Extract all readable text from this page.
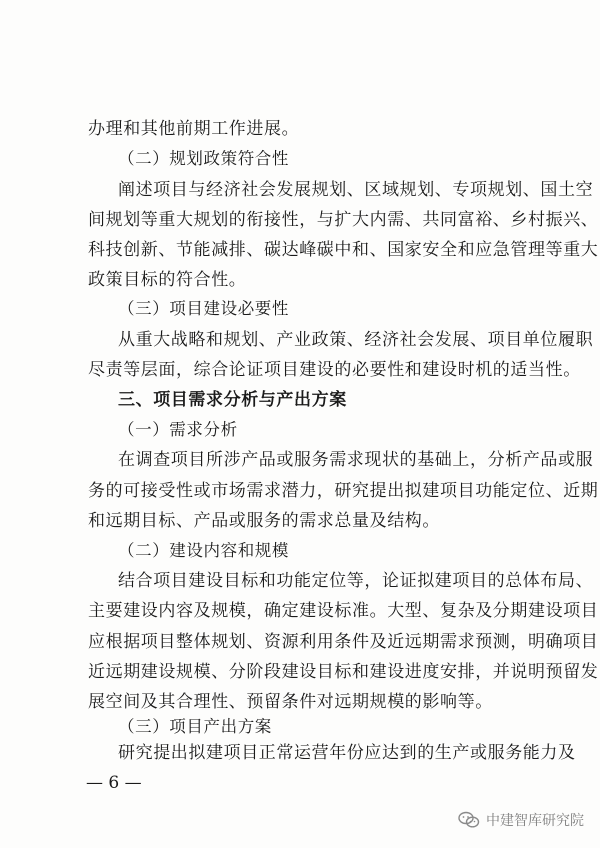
办理和其他前期工作进展。
（二）规划政策符合性
阐述项目与经济社会发展规划、区域规划、专项规划、国土空
间规划等重大规划的衔接性，与扩大内需、共同富裕、乡村振兴、
科技创新、节能减排、碳达峰碳中和、国家安全和应急管理等重大
政策目标的符合性。
（三）项目建设必要性
从重大战略和规划、产业政策、经济社会发展、项目单位履职
尽责等层面，综合论证项目建设的必要性和建设时机的适当性。
三、项目需求分析与产出方案
（一）需求分析
在调查项目所涉产品或服务需求现状的基础上，分析产品或服
务的可接受性或市场需求潜力，研究提出拟建项目功能定位、近期
和远期目标、产品或服务的需求总量及结构。
（二）建设内容和规模
结合项目建设目标和功能定位等，论证拟建项目的总体布局、
主要建设内容及规模，确定建设标准。大型、复杂及分期建设项目
应根据项目整体规划、资源利用条件及近远期需求预测，明确项目
近远期建设规模、分阶段建设目标和建设进度安排，并说明预留发
展空间及其合理性、预留条件对远期规模的影响等。
（三）项目产出方案
研究提出拟建项目正常运营年份应达到的生产或服务能力及
— 6 —
中建智库研究院
